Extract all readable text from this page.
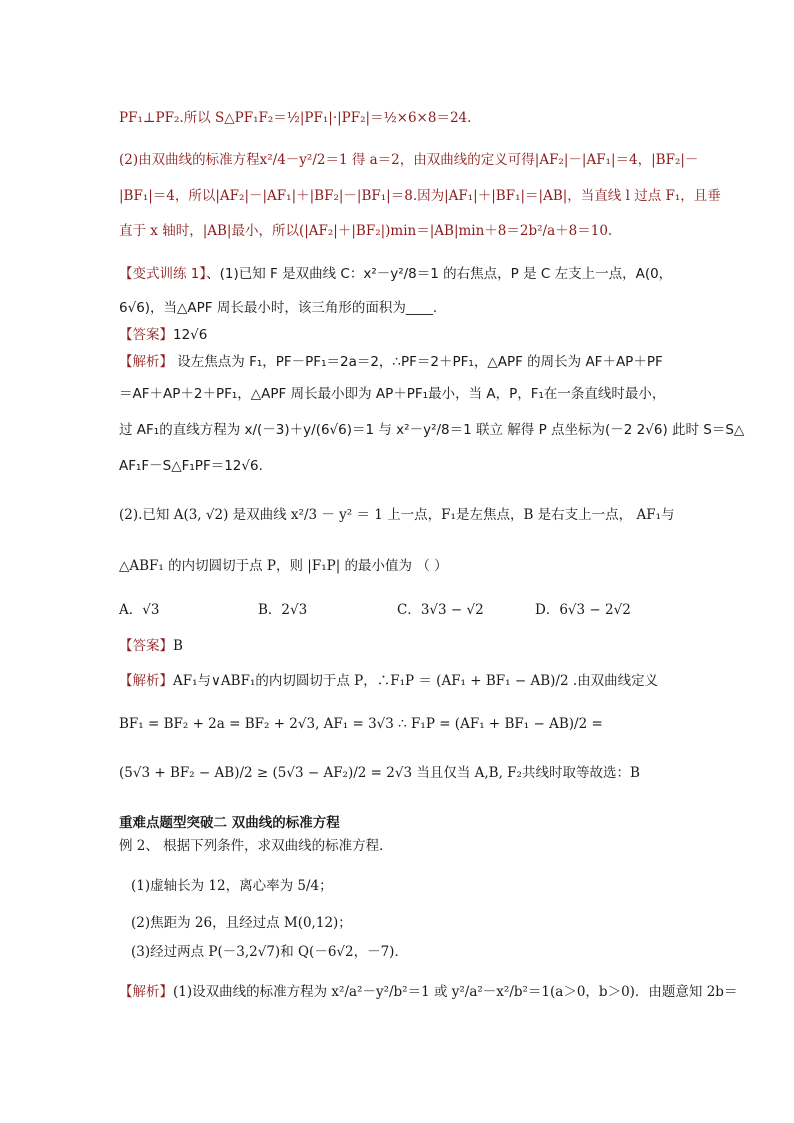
PF₁⊥PF₂.所以 S△PF₁F₂＝½|PF₁|·|PF₂|＝½×6×8＝24.
(2)由双曲线的标准方程x²/4－y²/2＝1 得 a＝2，由双曲线的定义可得|AF₂|－|AF₁|＝4，|BF₂|－
|BF₁|＝4，所以|AF₂|－|AF₁|＋|BF₂|－|BF₁|＝8.因为|AF₁|＋|BF₁|＝|AB|，当直线 l 过点 F₁，且垂
直于 x 轴时，|AB|最小，所以(|AF₂|＋|BF₂|)min＝|AB|min＋8＝2b²/a＋8＝10.
【变式训练 1】、(1)已知 F 是双曲线 C：x²－y²/8＝1 的右焦点，P 是 C 左支上一点，A(0，
6√6)，当△APF 周长最小时，该三角形的面积为____.
【答案】12√6
【解析】 设左焦点为 F₁，PF－PF₁＝2a＝2，∴PF＝2＋PF₁，△APF 的周长为 AF＋AP＋PF
＝AF＋AP＋2＋PF₁，△APF 周长最小即为 AP＋PF₁最小，当 A，P，F₁在一条直线时最小，
过 AF₁的直线方程为 x/(－3)＋y/(6√6)＝1 与 x²－y²/8＝1 联立 解得 P 点坐标为(－2 2√6) 此时 S＝S△
AF₁F－S△F₁PF＝12√6.
(2).已知 A(3, √2) 是双曲线 x²/3 － y² ＝ 1 上一点，F₁是左焦点，B 是右支上一点， AF₁与
△ABF₁ 的内切圆切于点 P，则 |F₁P| 的最小值为 （ ）
A．√3	B．2√3	C．3√3 − √2	D．6√3 − 2√2
【答案】B
【解析】AF₁与∨ABF₁的内切圆切于点 P，∴F₁P ＝ (AF₁ + BF₁ − AB)/2 .由双曲线定义
BF₁ = BF₂ + 2a = BF₂ + 2√3, AF₁ = 3√3 ∴ F₁P = (AF₁ + BF₁ − AB)/2 =
(5√3 + BF₂ − AB)/2 ≥ (5√3 − AF₂)/2 = 2√3 当且仅当 A,B, F₂共线时取等故选：B
重难点题型突破二 双曲线的标准方程
例 2、 根据下列条件，求双曲线的标准方程．
(1)虚轴长为 12，离心率为 5/4；
(2)焦距为 26，且经过点 M(0,12)；
(3)经过两点 P(－3,2√7)和 Q(－6√2，－7)．
【解析】(1)设双曲线的标准方程为 x²/a²－y²/b²＝1 或 y²/a²－x²/b²＝1(a＞0，b＞0)．由题意知 2b＝
